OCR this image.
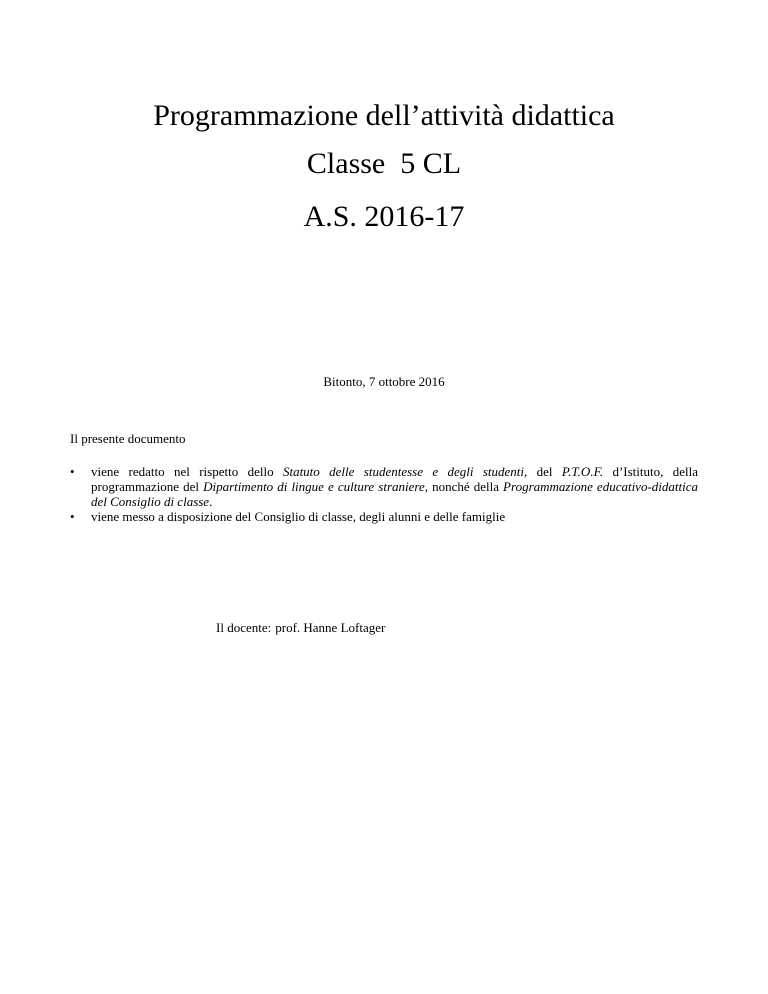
Programmazione dell’attività didattica
Classe  5 CL
A.S. 2016-17
Bitonto, 7 ottobre 2016
Il presente documento
•	viene redatto nel rispetto dello Statuto delle studentesse e degli studenti, del P.T.O.F. d’Istituto, della programmazione del Dipartimento di lingue e culture straniere, nonché della Programmazione educativo-didattica del Consiglio di classe.
•	viene messo a disposizione del Consiglio di classe, degli alunni e delle famiglie
Il docente: prof. Hanne Loftager
